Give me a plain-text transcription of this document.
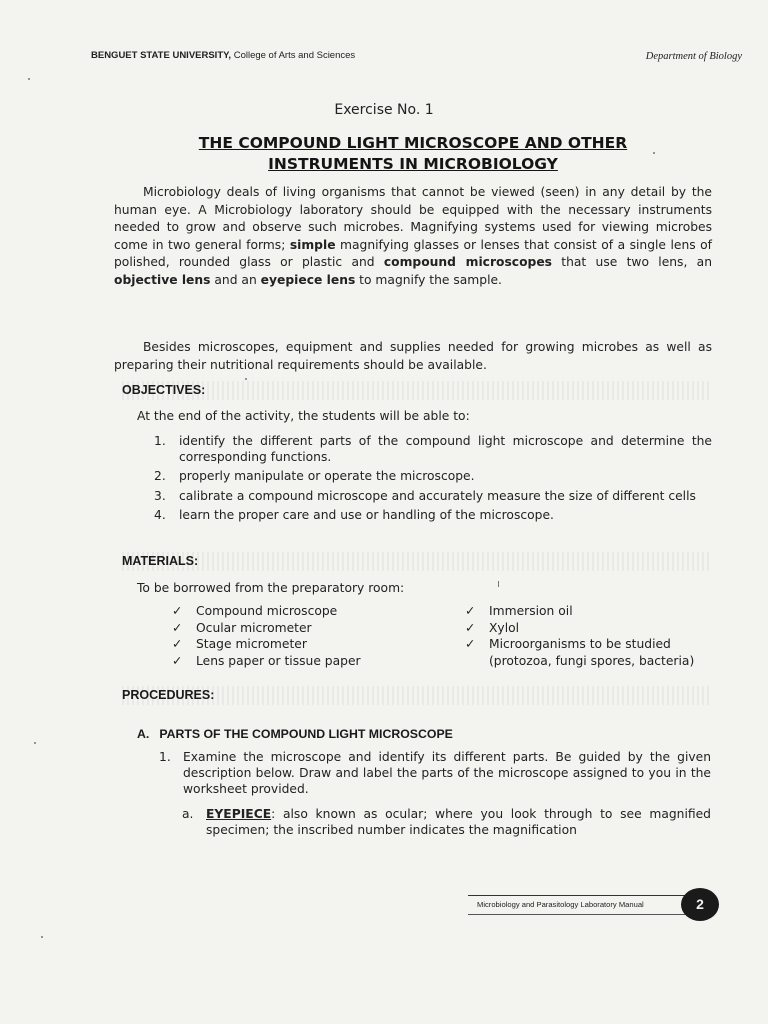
BENGUET STATE UNIVERSITY, College of Arts and Sciences	Department of Biology
Exercise No. 1
THE COMPOUND LIGHT MICROSCOPE AND OTHER
INSTRUMENTS IN MICROBIOLOGY
Microbiology deals of living organisms that cannot be viewed (seen) in any detail by the human eye. A Microbiology laboratory should be equipped with the necessary instruments needed to grow and observe such microbes. Magnifying systems used for viewing microbes come in two general forms; simple magnifying glasses or lenses that consist of a single lens of polished, rounded glass or plastic and compound microscopes that use two lens, an objective lens and an eyepiece lens to magnify the sample.
Besides microscopes, equipment and supplies needed for growing microbes as well as preparing their nutritional requirements should be available.
OBJECTIVES:
At the end of the activity, the students will be able to:
1. identify the different parts of the compound light microscope and determine the corresponding functions.
2. properly manipulate or operate the microscope.
3. calibrate a compound microscope and accurately measure the size of different cells
4. learn the proper care and use or handling of the microscope.
MATERIALS:
To be borrowed from the preparatory room:
✓ Compound microscope
✓ Ocular micrometer
✓ Stage micrometer
✓ Lens paper or tissue paper
✓ Immersion oil
✓ Xylol
✓ Microorganisms to be studied (protozoa, fungi spores, bacteria)
PROCEDURES:
A. PARTS OF THE COMPOUND LIGHT MICROSCOPE
1. Examine the microscope and identify its different parts. Be guided by the given description below. Draw and label the parts of the microscope assigned to you in the worksheet provided.
a.	EYEPIECE: also known as ocular; where you look through to see magnified specimen; the inscribed number indicates the magnification
Microbiology and Parasitology Laboratory Manual	2
